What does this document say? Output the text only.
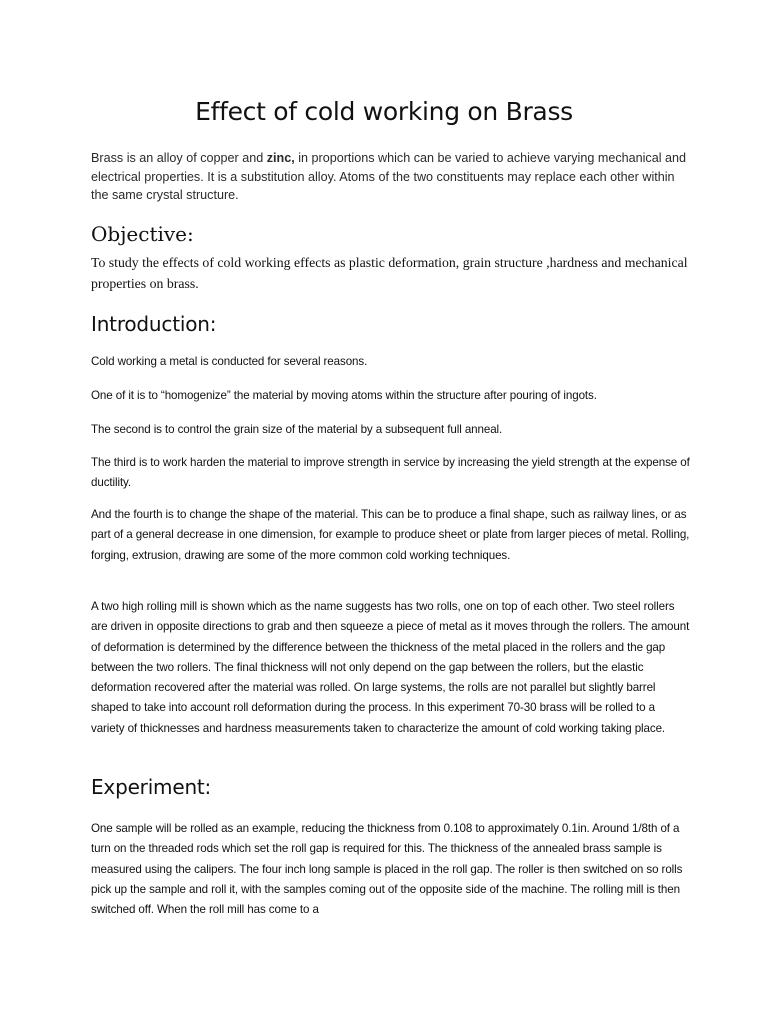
Effect of cold working on Brass

Brass is an alloy of copper and zinc, in proportions which can be varied to achieve varying mechanical and electrical properties. It is a substitution alloy. Atoms of the two constituents may replace each other within the same crystal structure.

Objective:

To study the effects of cold working effects as plastic deformation, grain structure ,hardness and mechanical properties on brass.

Introduction:

Cold working a metal is conducted for several reasons.

One of it is to “homogenize” the material by moving atoms within the structure after pouring of ingots.

The second is to control the grain size of the material by a subsequent full anneal.

The third is to work harden the material to improve strength in service by increasing the yield strength at the expense of ductility.

And the fourth is to change the shape of the material. This can be to produce a final shape, such as railway lines, or as part of a general decrease in one dimension, for example to produce sheet or plate from larger pieces of metal. Rolling, forging, extrusion, drawing are some of the more common cold working techniques.

A two high rolling mill is shown which as the name suggests has two rolls, one on top of each other. Two steel rollers are driven in opposite directions to grab and then squeeze a piece of metal as it moves through the rollers. The amount of deformation is determined by the difference between the thickness of the metal placed in the rollers and the gap between the two rollers. The final thickness will not only depend on the gap between the rollers, but the elastic deformation recovered after the material was rolled. On large systems, the rolls are not parallel but slightly barrel shaped to take into account roll deformation during the process. In this experiment 70-30 brass will be rolled to a variety of thicknesses and hardness measurements taken to characterize the amount of cold working taking place.

Experiment:

One sample will be rolled as an example, reducing the thickness from 0.108 to approximately 0.1in. Around 1/8th of a turn on the threaded rods which set the roll gap is required for this. The thickness of the annealed brass sample is measured using the calipers. The four inch long sample is placed in the roll gap. The roller is then switched on so rolls pick up the sample and roll it, with the samples coming out of the opposite side of the machine. The rolling mill is then switched off. When the roll mill has come to a
